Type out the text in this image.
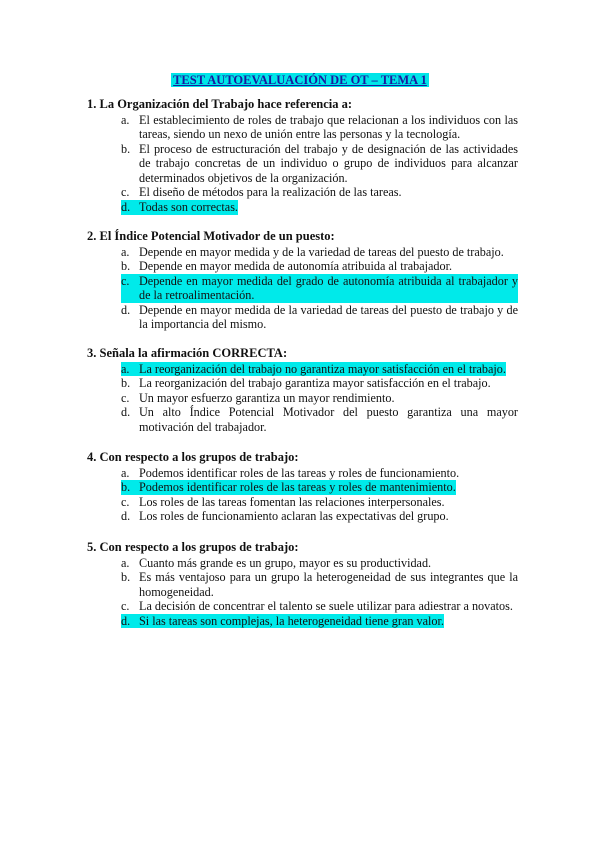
TEST AUTOEVALUACIÓN DE OT – TEMA 1
1. La Organización del Trabajo hace referencia a:
a. El establecimiento de roles de trabajo que relacionan a los individuos con las tareas, siendo un nexo de unión entre las personas y la tecnología.
b. El proceso de estructuración del trabajo y de designación de las actividades de trabajo concretas de un individuo o grupo de individuos para alcanzar determinados objetivos de la organización.
c. El diseño de métodos para la realización de las tareas.
d. Todas son correctas.
2. El Índice Potencial Motivador de un puesto:
a. Depende en mayor medida y de la variedad de tareas del puesto de trabajo.
b. Depende en mayor medida de autonomía atribuida al trabajador.
c. Depende en mayor medida del grado de autonomía atribuida al trabajador y de la retroalimentación.
d. Depende en mayor medida de la variedad de tareas del puesto de trabajo y de la importancia del mismo.
3. Señala la afirmación CORRECTA:
a. La reorganización del trabajo no garantiza mayor satisfacción en el trabajo.
b. La reorganización del trabajo garantiza mayor satisfacción en el trabajo.
c. Un mayor esfuerzo garantiza un mayor rendimiento.
d. Un alto Índice Potencial Motivador del puesto garantiza una mayor motivación del trabajador.
4. Con respecto a los grupos de trabajo:
a. Podemos identificar roles de las tareas y roles de funcionamiento.
b. Podemos identificar roles de las tareas y roles de mantenimiento.
c. Los roles de las tareas fomentan las relaciones interpersonales.
d. Los roles de funcionamiento aclaran las expectativas del grupo.
5. Con respecto a los grupos de trabajo:
a. Cuanto más grande es un grupo, mayor es su productividad.
b. Es más ventajoso para un grupo la heterogeneidad de sus integrantes que la homogeneidad.
c. La decisión de concentrar el talento se suele utilizar para adiestrar a novatos.
d. Si las tareas son complejas, la heterogeneidad tiene gran valor.
